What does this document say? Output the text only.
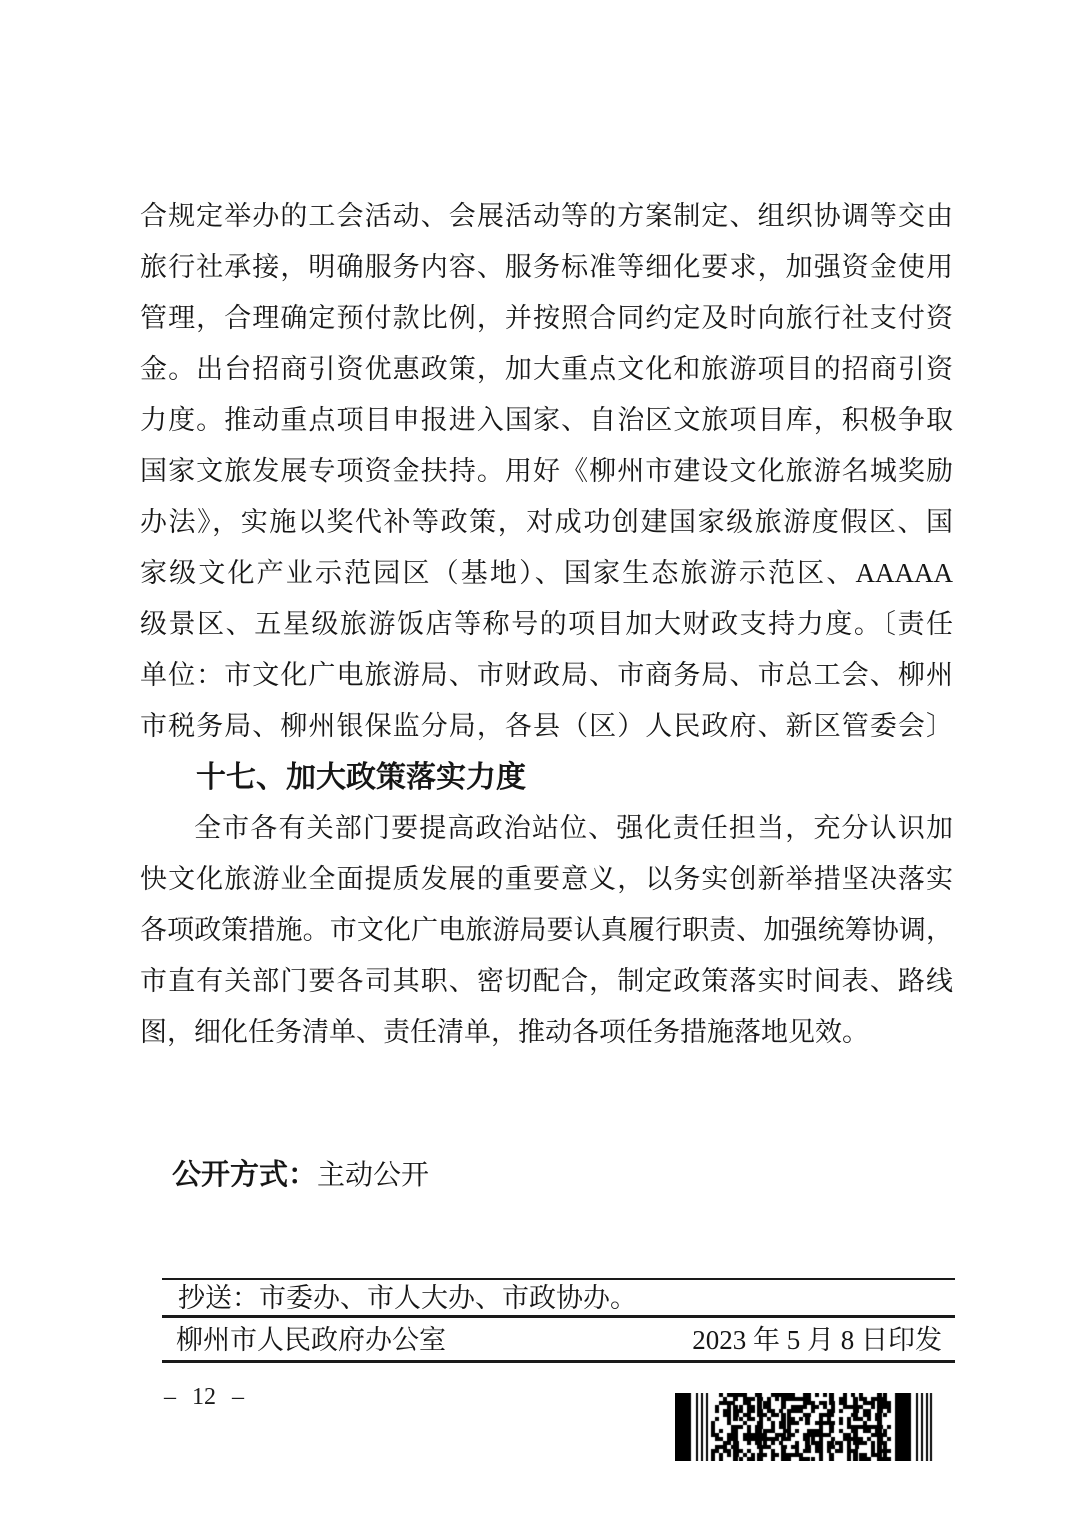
合规定举办的工会活动、会展活动等的方案制定、组织协调等交由
旅行社承接，明确服务内容、服务标准等细化要求，加强资金使用
管理，合理确定预付款比例，并按照合同约定及时向旅行社支付资
金。出台招商引资优惠政策，加大重点文化和旅游项目的招商引资
力度。推动重点项目申报进入国家、自治区文旅项目库，积极争取
国家文旅发展专项资金扶持。用好《柳州市建设文化旅游名城奖励
办法》，实施以奖代补等政策，对成功创建国家级旅游度假区、国
家级文化产业示范园区（基地）、国家生态旅游示范区、AAAAA
级景区、五星级旅游饭店等称号的项目加大财政支持力度。〔责任
单位：市文化广电旅游局、市财政局、市商务局、市总工会、柳州
市税务局、柳州银保监分局，各县（区）人民政府、新区管委会〕
十七、加大政策落实力度
全市各有关部门要提高政治站位、强化责任担当，充分认识加
快文化旅游业全面提质发展的重要意义，以务实创新举措坚决落实
各项政策措施。市文化广电旅游局要认真履行职责、加强统筹协调，
市直有关部门要各司其职、密切配合，制定政策落实时间表、路线
图，细化任务清单、责任清单，推动各项任务措施落地见效。
公开方式：主动公开
抄送：市委办、市人大办、市政协办。
柳州市人民政府办公室	2023 年 5 月 8 日印发
– 12 –
